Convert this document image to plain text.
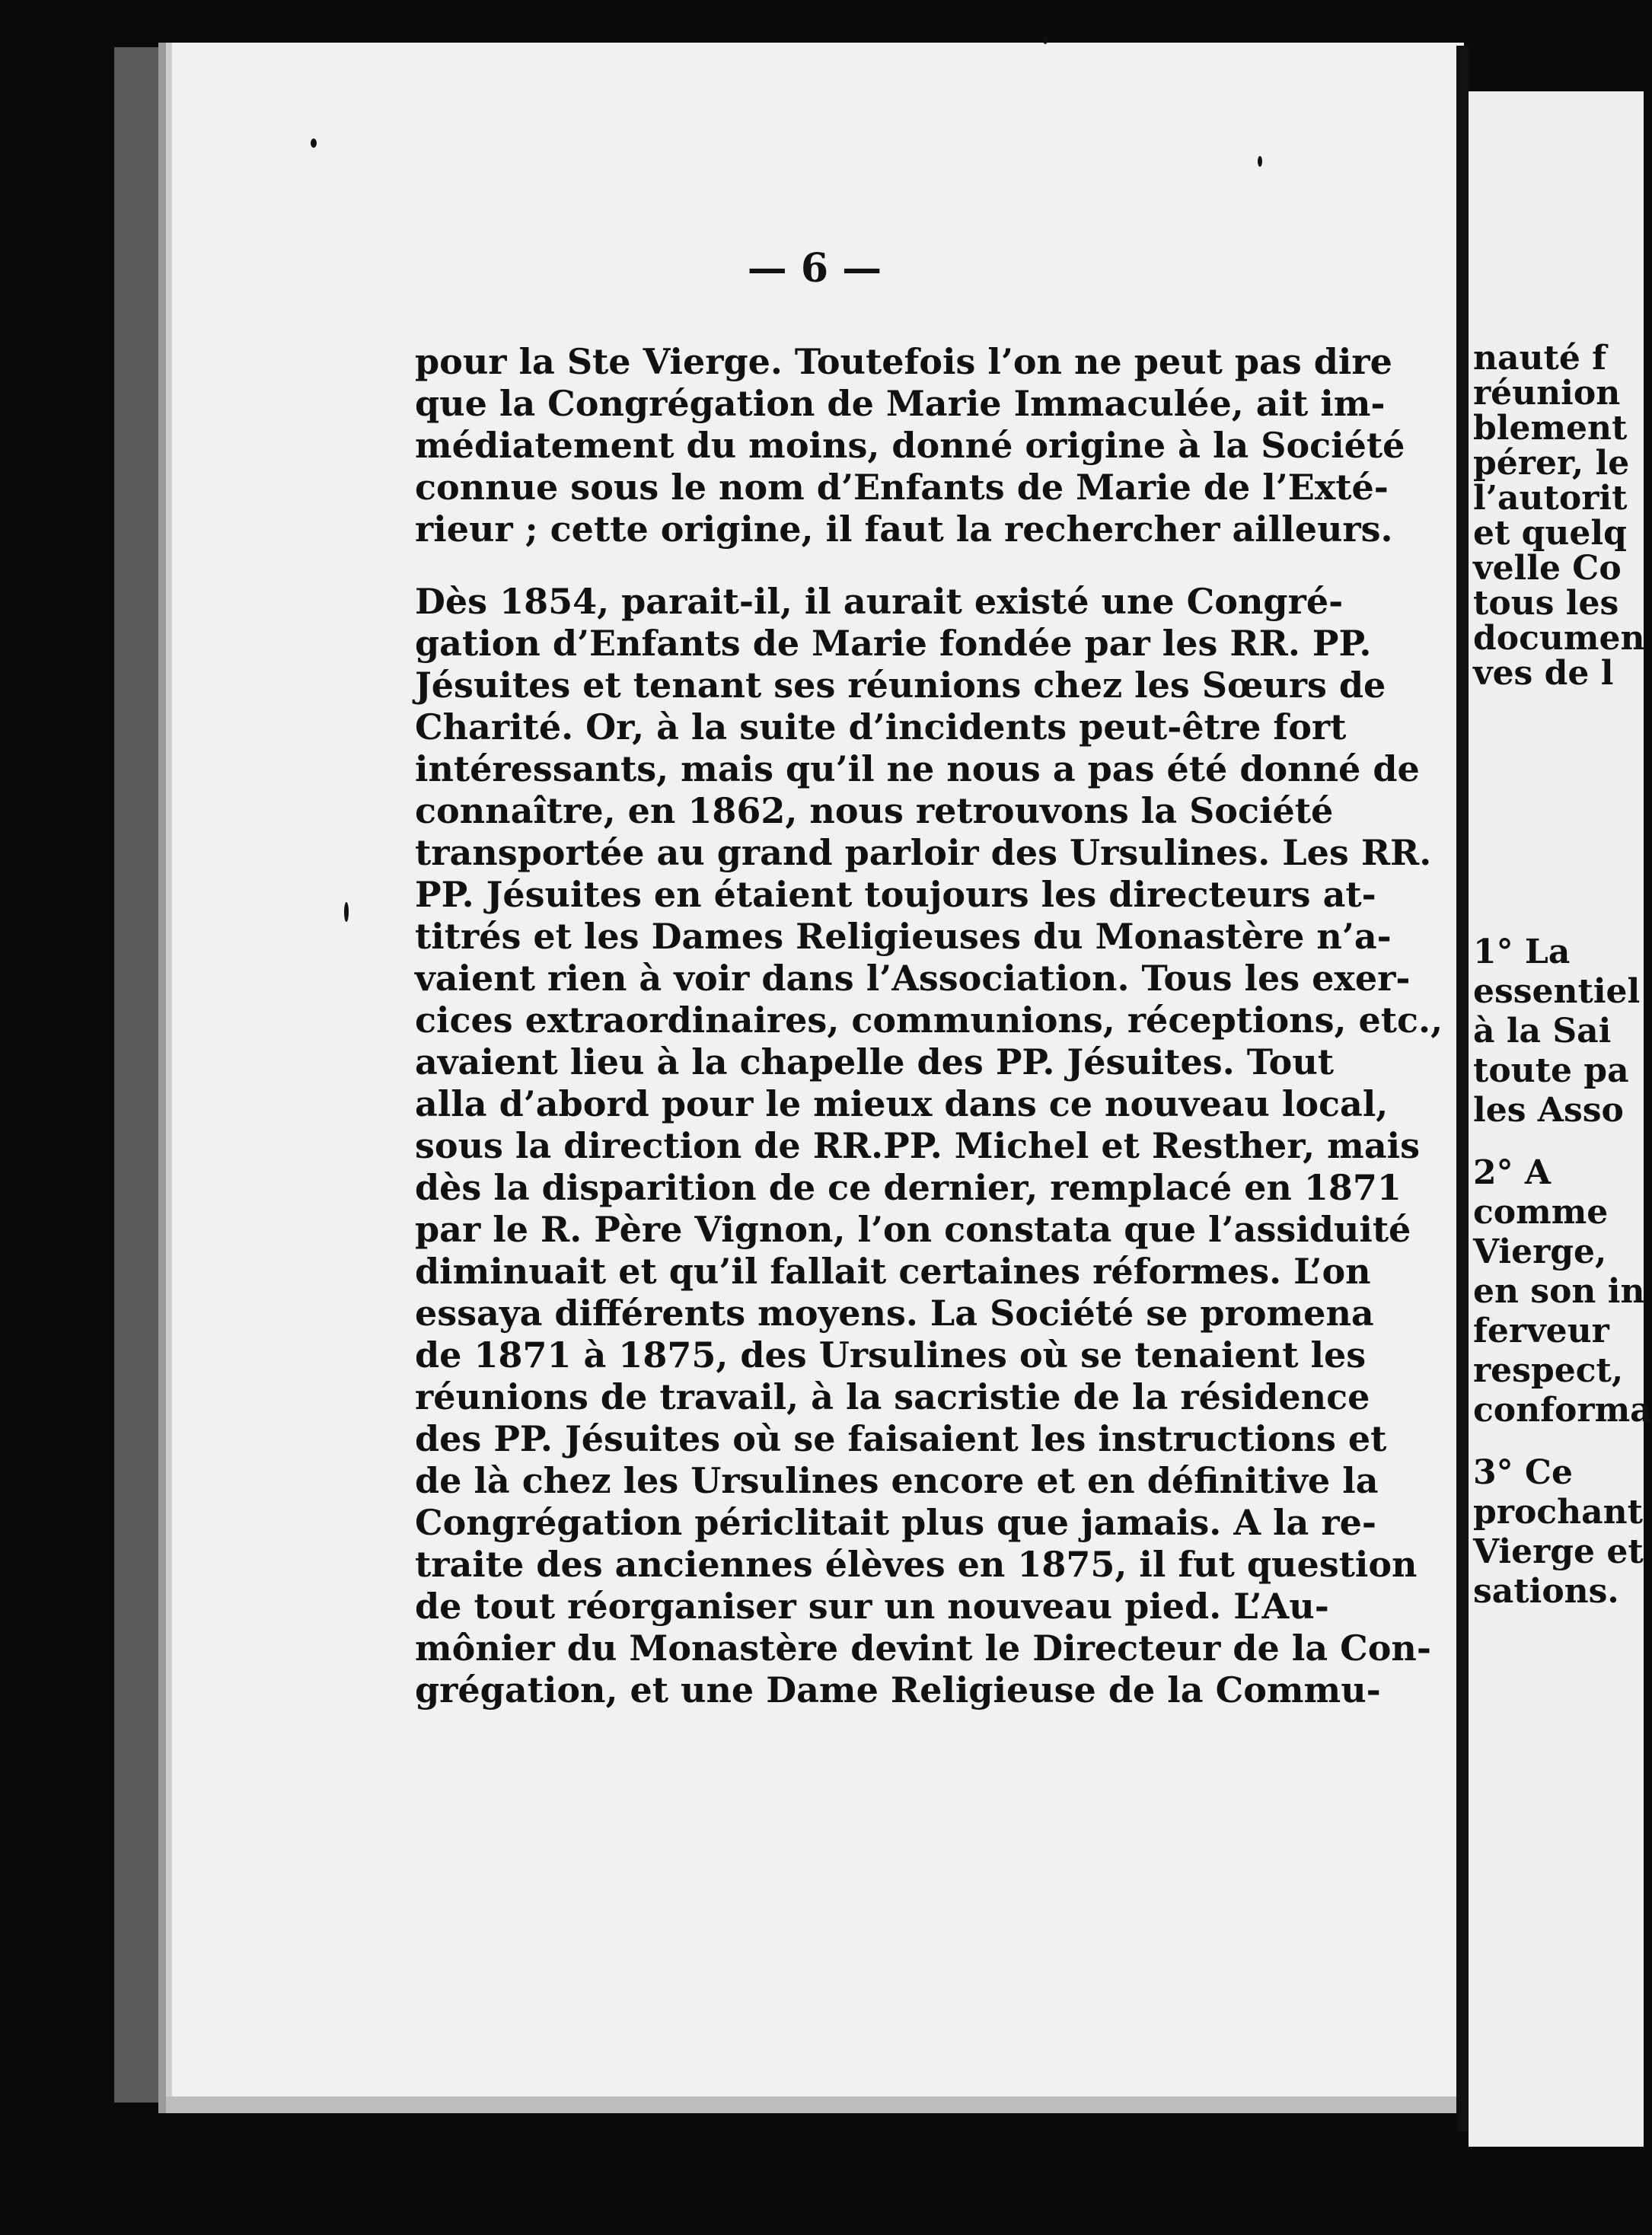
— 6 —
pour la Ste Vierge. Toutefois l’on ne peut pas dire
que la Congrégation de Marie Immaculée, ait im-
médiatement du moins, donné origine à la Société
connue sous le nom d’Enfants de Marie de l’Exté-
rieur ; cette origine, il faut la rechercher ailleurs.
Dès 1854, parait-il, il aurait existé une Congré-
gation d’Enfants de Marie fondée par les RR. PP.
Jésuites et tenant ses réunions chez les Sœurs de
Charité. Or, à la suite d’incidents peut-être fort
intéressants, mais qu’il ne nous a pas été donné de
connaître, en 1862, nous retrouvons la Société
transportée au grand parloir des Ursulines. Les RR.
PP. Jésuites en étaient toujours les directeurs at-
titrés et les Dames Religieuses du Monastère n’a-
vaient rien à voir dans l’Association. Tous les exer-
cices extraordinaires, communions, réceptions, etc.,
avaient lieu à la chapelle des PP. Jésuites. Tout
alla d’abord pour le mieux dans ce nouveau local,
sous la direction de RR.PP. Michel et Resther, mais
dès la disparition de ce dernier, remplacé en 1871
par le R. Père Vignon, l’on constata que l’assiduité
diminuait et qu’il fallait certaines réformes. L’on
essaya différents moyens. La Société se promena
de 1871 à 1875, des Ursulines où se tenaient les
réunions de travail, à la sacristie de la résidence
des PP. Jésuites où se faisaient les instructions et
de là chez les Ursulines encore et en définitive la
Congrégation périclitait plus que jamais. A la re-
traite des anciennes élèves en 1875, il fut question
de tout réorganiser sur un nouveau pied. L’Au-
mônier du Monastère devint le Directeur de la Con-
grégation, et une Dame Religieuse de la Commu-
nauté f
réunion
blement
pérer, le
l’autorit
et quelq
velle Co
tous les
documen
ves de l
1° La
essentiel
à la Sai
toute pa
les Asso
2° A
comme
Vierge,
en son in
ferveur
respect,
conforma
3° Ce
prochant
Vierge et
sations.
